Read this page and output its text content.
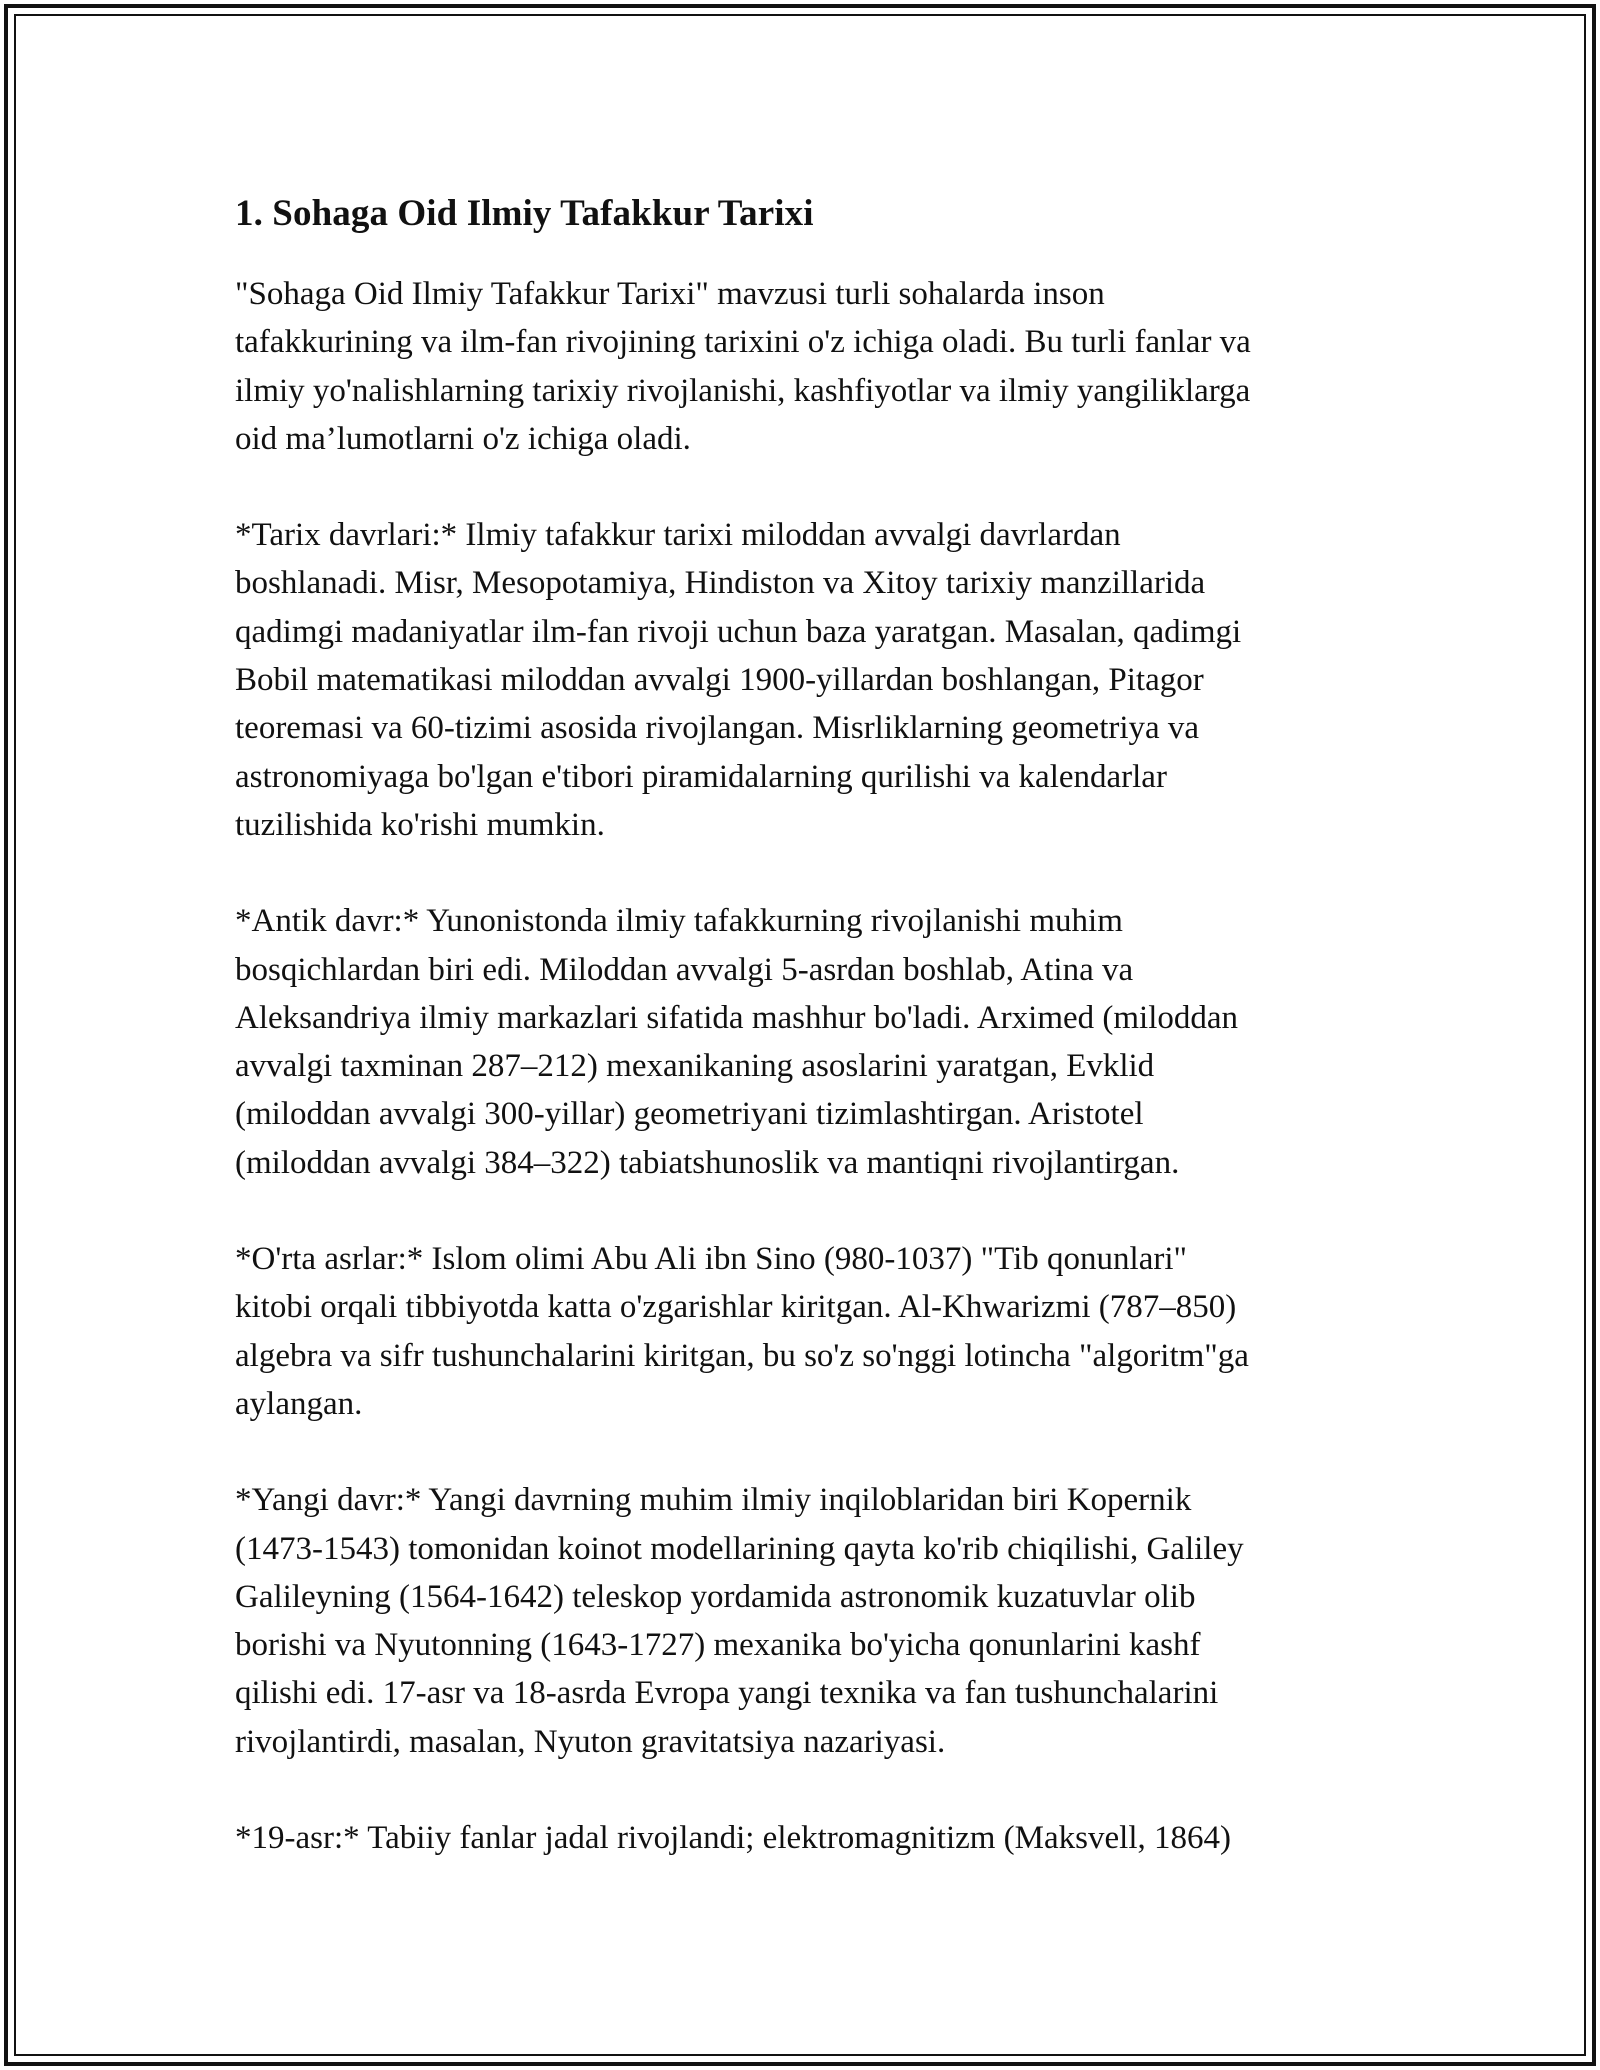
1. Sohaga Oid Ilmiy Tafakkur Tarixi

"Sohaga Oid Ilmiy Tafakkur Tarixi" mavzusi turli sohalarda inson
tafakkurining va ilm-fan rivojining tarixini o'z ichiga oladi. Bu turli fanlar va
ilmiy yo'nalishlarning tarixiy rivojlanishi, kashfiyotlar va ilmiy yangiliklarga
oid ma’lumotlarni o'z ichiga oladi.

*Tarix davrlari:* Ilmiy tafakkur tarixi miloddan avvalgi davrlardan
boshlanadi. Misr, Mesopotamiya, Hindiston va Xitoy tarixiy manzillarida
qadimgi madaniyatlar ilm-fan rivoji uchun baza yaratgan. Masalan, qadimgi
Bobil matematikasi miloddan avvalgi 1900-yillardan boshlangan, Pitagor
teoremasi va 60-tizimi asosida rivojlangan. Misrliklarning geometriya va
astronomiyaga bo'lgan e'tibori piramidalarning qurilishi va kalendarlar
tuzilishida ko'rishi mumkin.

*Antik davr:* Yunonistonda ilmiy tafakkurning rivojlanishi muhim
bosqichlardan biri edi. Miloddan avvalgi 5-asrdan boshlab, Atina va
Aleksandriya ilmiy markazlari sifatida mashhur bo'ladi. Arximed (miloddan
avvalgi taxminan 287–212) mexanikaning asoslarini yaratgan, Evklid
(miloddan avvalgi 300-yillar) geometriyani tizimlashtirgan. Aristotel
(miloddan avvalgi 384–322) tabiatshunoslik va mantiqni rivojlantirgan.

*O'rta asrlar:* Islom olimi Abu Ali ibn Sino (980-1037) "Tib qonunlari"
kitobi orqali tibbiyotda katta o'zgarishlar kiritgan. Al-Khwarizmi (787–850)
algebra va sifr tushunchalarini kiritgan, bu so'z so'nggi lotincha "algoritm"ga
aylangan.

*Yangi davr:* Yangi davrning muhim ilmiy inqiloblaridan biri Kopernik
(1473-1543) tomonidan koinot modellarining qayta ko'rib chiqilishi, Galiley
Galileyning (1564-1642) teleskop yordamida astronomik kuzatuvlar olib
borishi va Nyutonning (1643-1727) mexanika bo'yicha qonunlarini kashf
qilishi edi. 17-asr va 18-asrda Evropa yangi texnika va fan tushunchalarini
rivojlantirdi, masalan, Nyuton gravitatsiya nazariyasi.

*19-asr:* Tabiiy fanlar jadal rivojlandi; elektromagnitizm (Maksvell, 1864)
